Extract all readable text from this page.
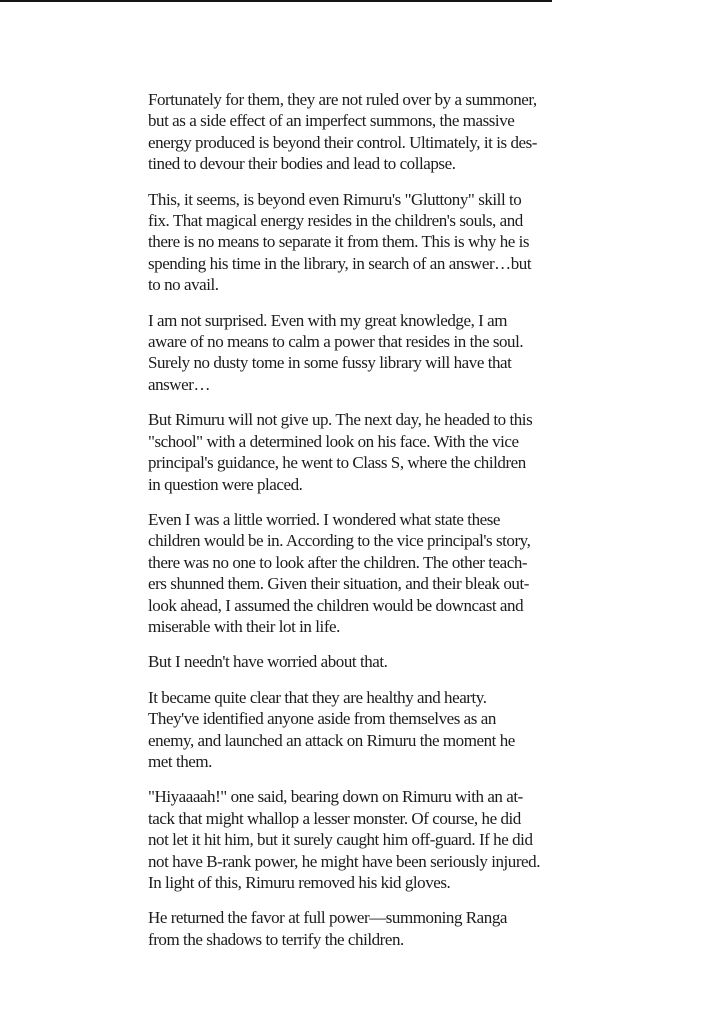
Fortunately for them, they are not ruled over by a summoner,
but as a side effect of an imperfect summons, the massive
energy produced is beyond their control. Ultimately, it is des-
tined to devour their bodies and lead to collapse.

This, it seems, is beyond even Rimuru's "Gluttony" skill to
fix. That magical energy resides in the children's souls, and
there is no means to separate it from them. This is why he is
spending his time in the library, in search of an answer…but
to no avail.

I am not surprised. Even with my great knowledge, I am
aware of no means to calm a power that resides in the soul.
Surely no dusty tome in some fussy library will have that
answer…

But Rimuru will not give up. The next day, he headed to this
"school" with a determined look on his face. With the vice
principal's guidance, he went to Class S, where the children
in question were placed.

Even I was a little worried. I wondered what state these
children would be in. According to the vice principal's story,
there was no one to look after the children. The other teach-
ers shunned them. Given their situation, and their bleak out-
look ahead, I assumed the children would be downcast and
miserable with their lot in life.

But I needn't have worried about that.

It became quite clear that they are healthy and hearty.
They've identified anyone aside from themselves as an
enemy, and launched an attack on Rimuru the moment he
met them.

"Hiyaaaah!" one said, bearing down on Rimuru with an at-
tack that might whallop a lesser monster. Of course, he did
not let it hit him, but it surely caught him off-guard. If he did
not have B-rank power, he might have been seriously injured.
In light of this, Rimuru removed his kid gloves.

He returned the favor at full power—summoning Ranga
from the shadows to terrify the children.
